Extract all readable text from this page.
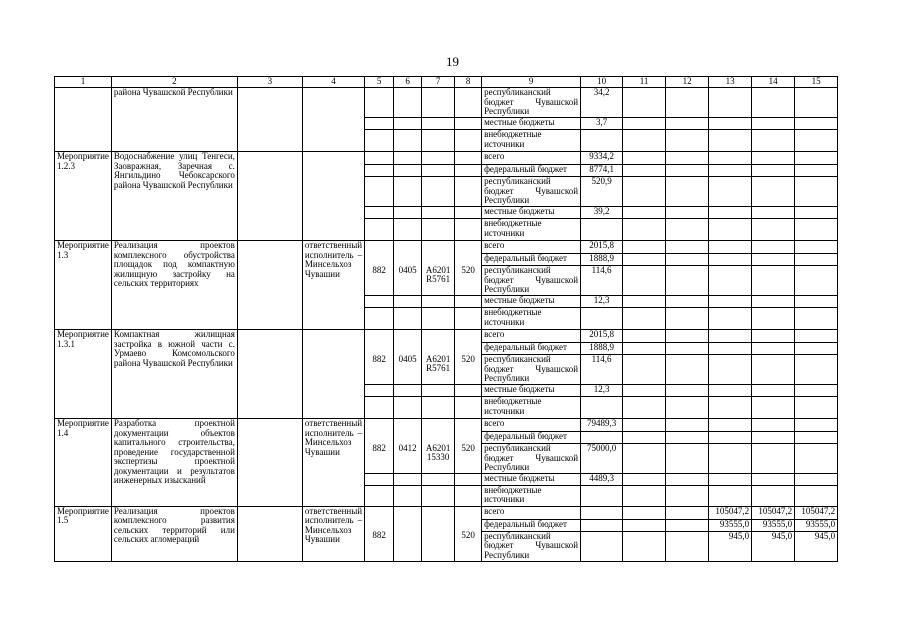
19
1	2	3	4	5	6	7	8	9	10	11	12	13	14	15
	района Чувашской Республики							республиканский бюджет Чувашской Республики	34,2					
								местные бюджеты	3,7					
								внебюджетные источники						
Мероприятие 1.2.3	Водоснабжение улиц Тенгеси, Заовражная, Заречная с. Янгильдино Чебоксарского района Чувашской Республики							всего	9334,2					
								федеральный бюджет	8774,1					
								республиканский бюджет Чувашской Республики	520,9					
								местные бюджеты	39,2					
								внебюджетные источники						
Мероприятие 1.3	Реализация проектов комплексного обустройства площадок под компактную жилищную застройку на сельских территориях		ответственный исполнитель – Минсельхоз Чувашии					всего	2015,8					
								федеральный бюджет	1888,9					
				882	0405	A6201 R5761	520	республиканский бюджет Чувашской Республики	114,6					
								местные бюджеты	12,3					
								внебюджетные источники						
Мероприятие 1.3.1	Компактная жилищная застройка в южной части с. Урмаево Комсомольского района Чувашской Республики							всего	2015,8					
								федеральный бюджет	1888,9					
				882	0405	A6201 R5761	520	республиканский бюджет Чувашской Республики	114,6					
								местные бюджеты	12,3					
								внебюджетные источники						
Мероприятие 1.4	Разработка проектной документации объектов капитального строительства, проведение государственной экспертизы проектной документации и результатов инженерных изысканий		ответственный исполнитель – Минсельхоз Чувашии					всего	79489,3					
								федеральный бюджет						
				882	0412	A6201 15330	520	республиканский бюджет Чувашской Республики	75000,0					
								местные бюджеты	4489,3					
								внебюджетные источники						
Мероприятие 1.5	Реализация проектов комплексного развития сельских территорий или сельских агломераций		ответственный исполнитель – Минсельхоз Чувашии					всего				105047,2	105047,2	105047,2
								федеральный бюджет				93555,0	93555,0	93555,0
				882			520	республиканский бюджет Чувашской Республики				945,0	945,0	945,0
